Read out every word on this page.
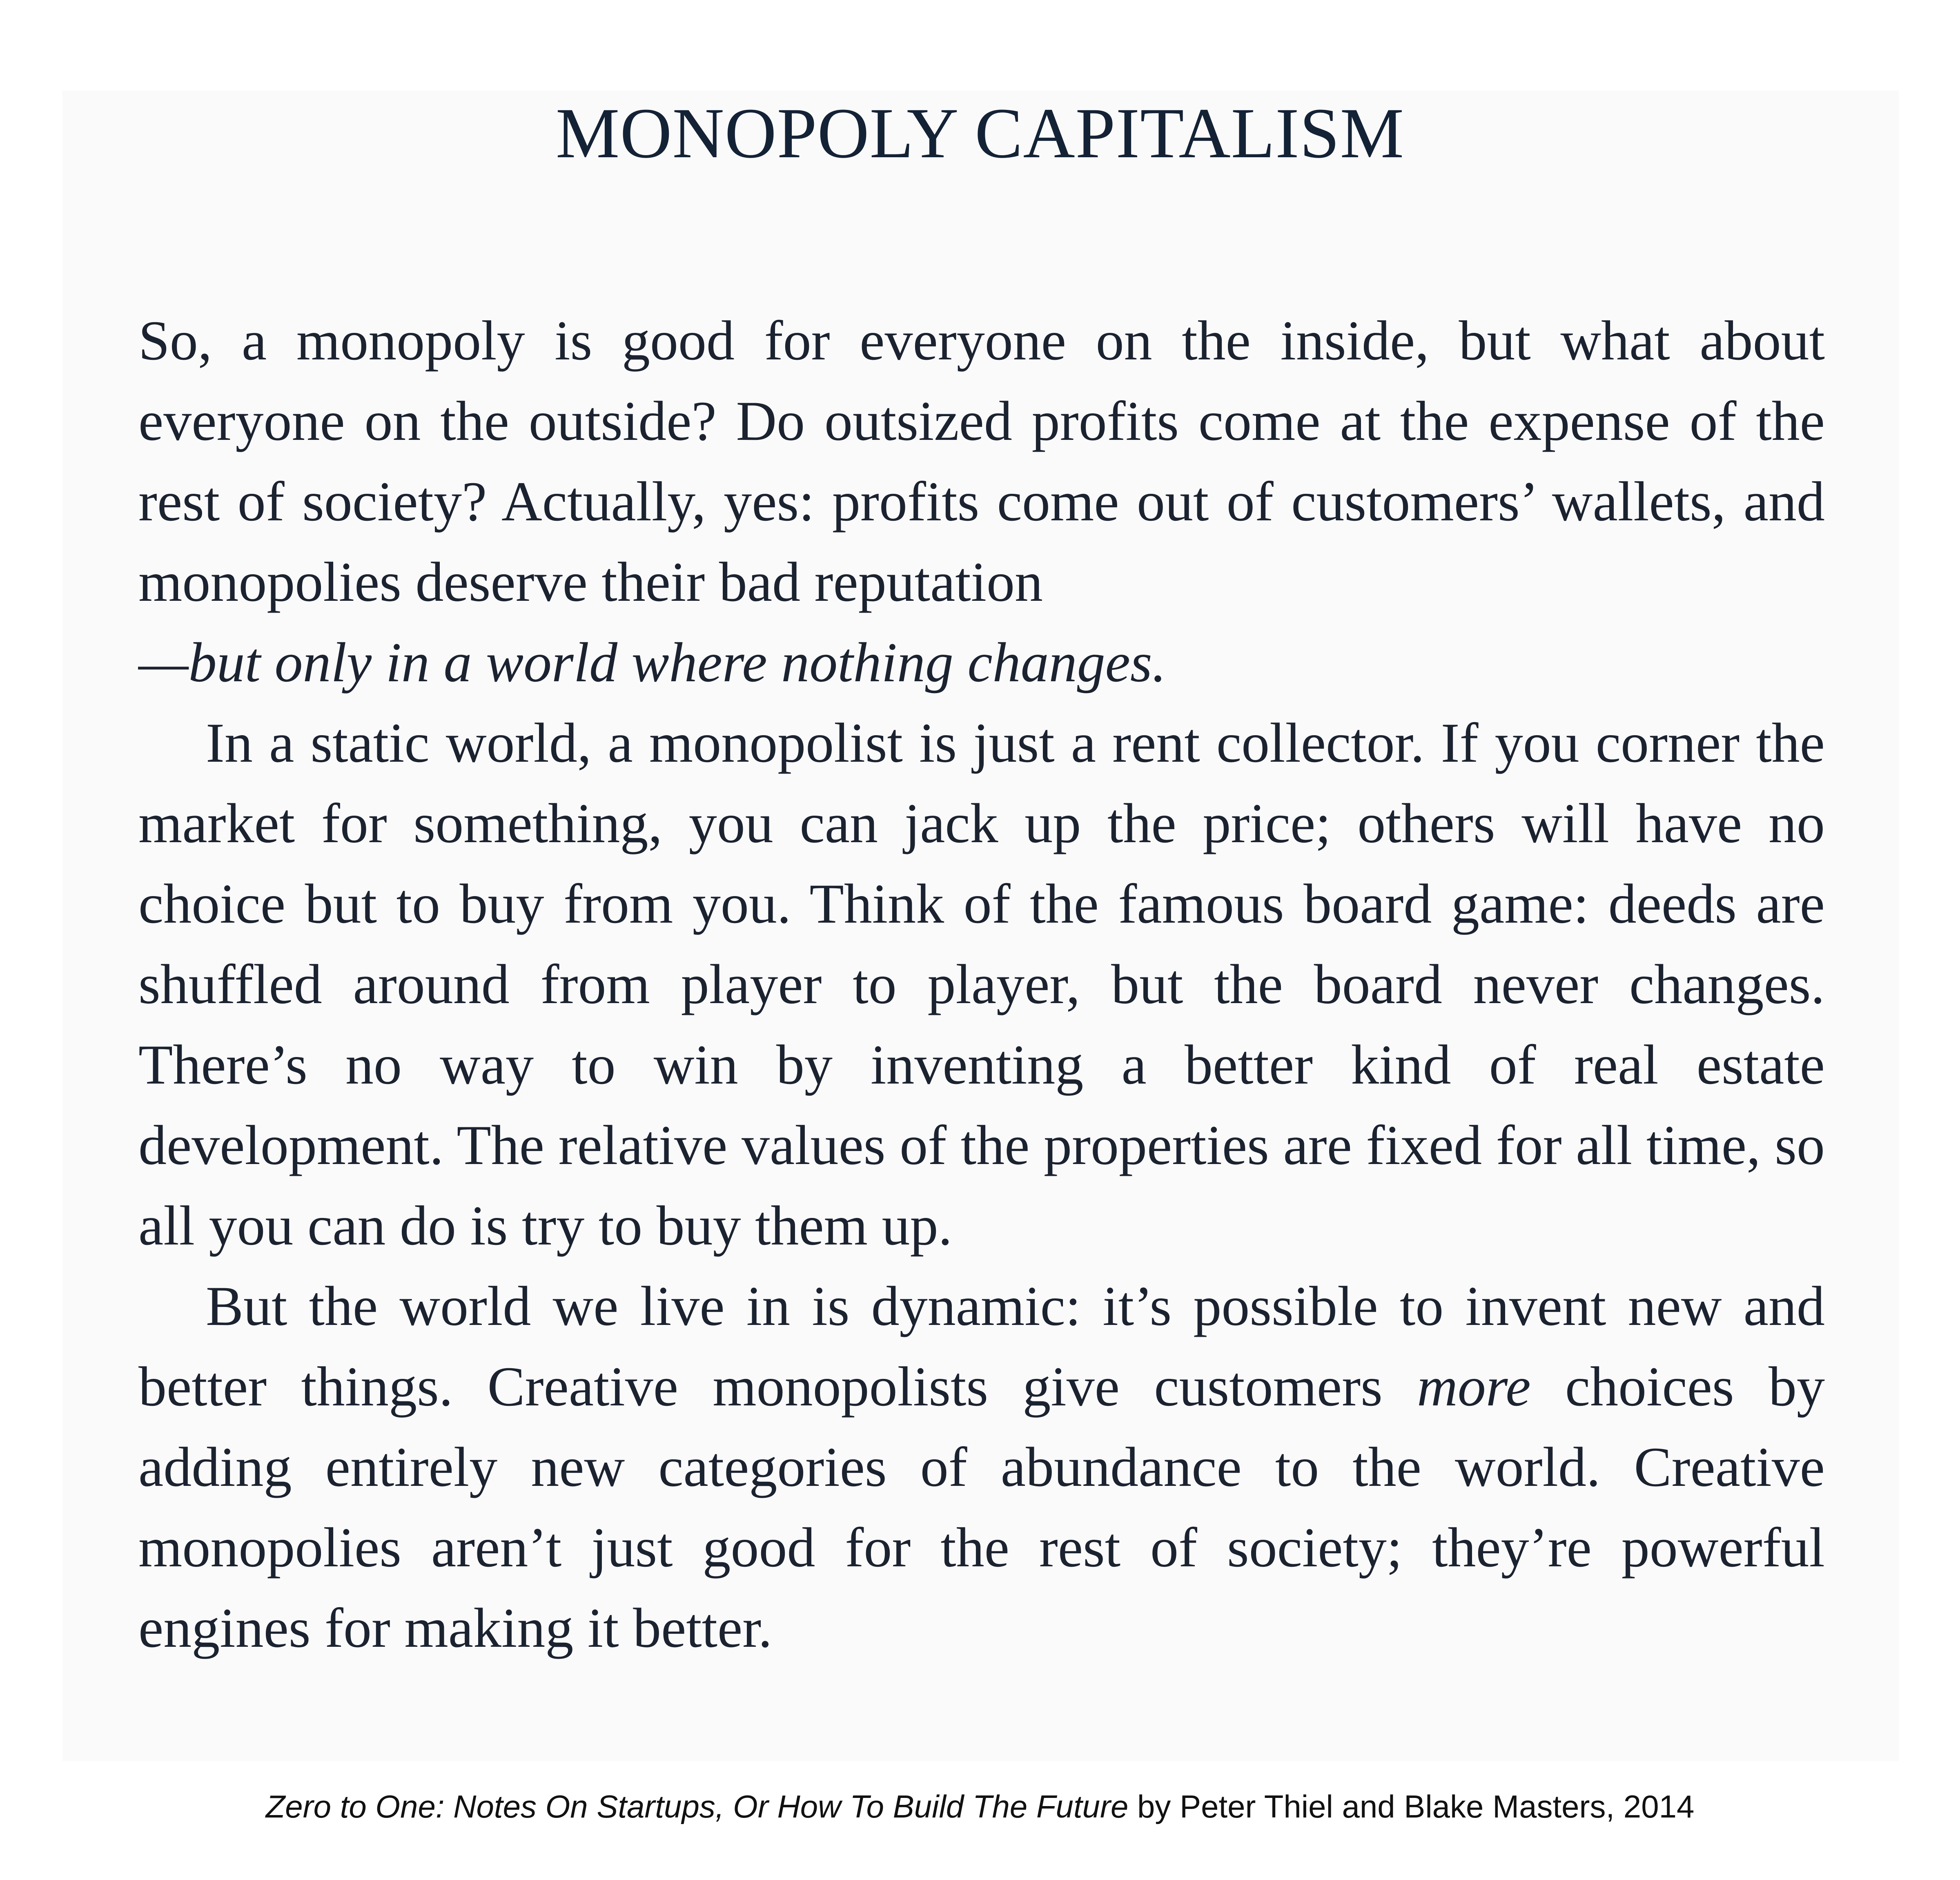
MONOPOLY CAPITALISM

So, a monopoly is good for everyone on the inside, but what about everyone on the outside? Do outsized profits come at the expense of the rest of society? Actually, yes: profits come out of customers’ wallets, and monopolies deserve their bad reputation
—but only in a world where nothing changes.

In a static world, a monopolist is just a rent collector. If you corner the market for something, you can jack up the price; others will have no choice but to buy from you. Think of the famous board game: deeds are shuffled around from player to player, but the board never changes. There’s no way to win by inventing a better kind of real estate development. The relative values of the properties are fixed for all time, so all you can do is try to buy them up.

But the world we live in is dynamic: it’s possible to invent new and better things. Creative monopolists give customers more choices by adding entirely new categories of abundance to the world. Creative monopolies aren’t just good for the rest of society; they’re powerful engines for making it better.

Zero to One: Notes On Startups, Or How To Build The Future by Peter Thiel and Blake Masters, 2014
